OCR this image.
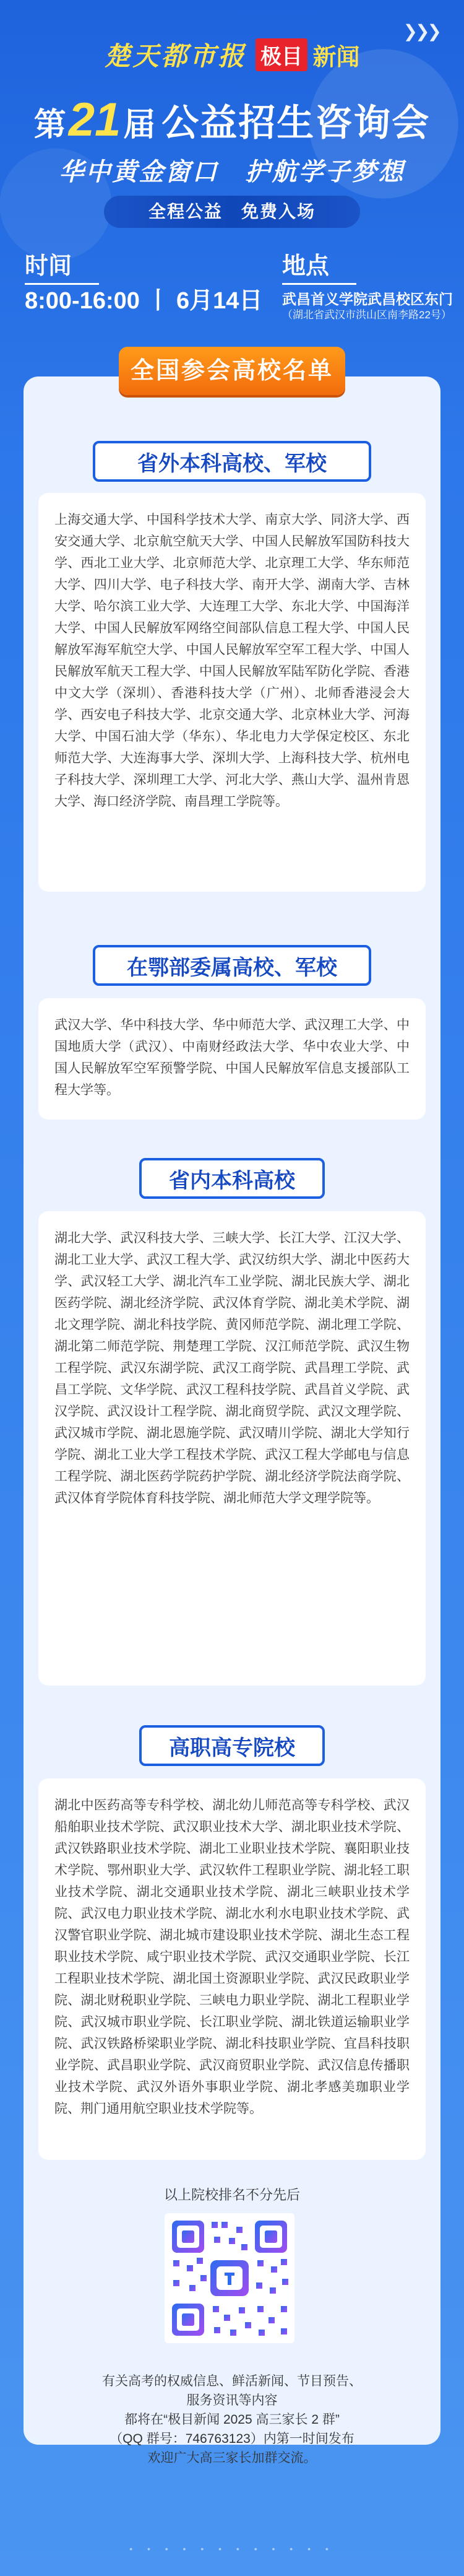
❯❯❯
楚天都市报 极目 新闻
第21届 公益招生咨询会
华中黄金窗口　护航学子梦想
全程公益　免费入场
时间
8:00-16:00 丨 6月14日
地点
武昌首义学院武昌校区东门
（湖北省武汉市洪山区南李路22号）
全国参会高校名单
省外本科高校、军校
上海交通大学、中国科学技术大学、南京大学、同济大学、西安交通大学、北京航空航天大学、中国人民解放军国防科技大学、西北工业大学、北京师范大学、北京理工大学、华东师范大学、四川大学、电子科技大学、南开大学、湖南大学、吉林大学、哈尔滨工业大学、大连理工大学、东北大学、中国海洋大学、中国人民解放军网络空间部队信息工程大学、中国人民解放军海军航空大学、中国人民解放军空军工程大学、中国人民解放军航天工程大学、中国人民解放军陆军防化学院、香港中文大学（深圳）、香港科技大学（广州）、北师香港浸会大学、西安电子科技大学、北京交通大学、北京林业大学、河海大学、中国石油大学（华东）、华北电力大学保定校区、东北师范大学、大连海事大学、深圳大学、上海科技大学、杭州电子科技大学、深圳理工大学、河北大学、燕山大学、温州肯恩大学、海口经济学院、南昌理工学院等。
在鄂部委属高校、军校
武汉大学、华中科技大学、华中师范大学、武汉理工大学、中国地质大学（武汉）、中南财经政法大学、华中农业大学、中国人民解放军空军预警学院、中国人民解放军信息支援部队工程大学等。
省内本科高校
湖北大学、武汉科技大学、三峡大学、长江大学、江汉大学、湖北工业大学、武汉工程大学、武汉纺织大学、湖北中医药大学、武汉轻工大学、湖北汽车工业学院、湖北民族大学、湖北医药学院、湖北经济学院、武汉体育学院、湖北美术学院、湖北文理学院、湖北科技学院、黄冈师范学院、湖北理工学院、湖北第二师范学院、荆楚理工学院、汉江师范学院、武汉生物工程学院、武汉东湖学院、武汉工商学院、武昌理工学院、武昌工学院、文华学院、武汉工程科技学院、武昌首义学院、武汉学院、武汉设计工程学院、湖北商贸学院、武汉文理学院、武汉城市学院、湖北恩施学院、武汉晴川学院、湖北大学知行学院、湖北工业大学工程技术学院、武汉工程大学邮电与信息工程学院、湖北医药学院药护学院、湖北经济学院法商学院、武汉体育学院体育科技学院、湖北师范大学文理学院等。
高职高专院校
湖北中医药高等专科学校、湖北幼儿师范高等专科学校、武汉船舶职业技术学院、武汉职业技术大学、湖北职业技术学院、武汉铁路职业技术学院、湖北工业职业技术学院、襄阳职业技术学院、鄂州职业大学、武汉软件工程职业学院、湖北轻工职业技术学院、湖北交通职业技术学院、湖北三峡职业技术学院、武汉电力职业技术学院、湖北水利水电职业技术学院、武汉警官职业学院、湖北城市建设职业技术学院、湖北生态工程职业技术学院、咸宁职业技术学院、武汉交通职业学院、长江工程职业技术学院、湖北国土资源职业学院、武汉民政职业学院、湖北财税职业学院、三峡电力职业学院、湖北工程职业学院、武汉城市职业学院、长江职业学院、湖北铁道运输职业学院、武汉铁路桥梁职业学院、湖北科技职业学院、宜昌科技职业学院、武昌职业学院、武汉商贸职业学院、武汉信息传播职业技术学院、武汉外语外事职业学院、湖北孝感美珈职业学院、荆门通用航空职业技术学院等。
以上院校排名不分先后
有关高考的权威信息、鲜活新闻、节目预告、
服务资讯等内容
都将在“极目新闻 2025 高三家长 2 群”
（QQ 群号：746763123）内第一时间发布
欢迎广大高三家长加群交流。
• • • • • • • • • • • •
